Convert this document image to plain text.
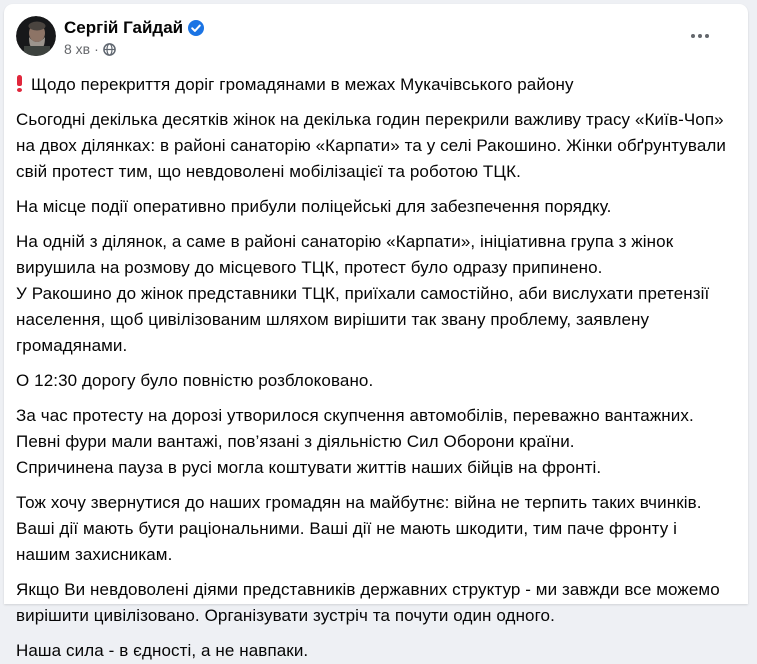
Сергій Гайдай
8 хв ·

Щодо перекриття доріг громадянами в межах Мукачівського району

Сьогодні декілька десятків жінок на декілька годин перекрили важливу трасу «Київ-Чоп» на двох ділянках: в районі санаторію «Карпати» та у селі Ракошино. Жінки обґрунтували свій протест тим, що невдоволені мобілізацієї та роботою ТЦК.

На місце події оперативно прибули поліцейські для забезпечення порядку.

На одній з ділянок, а саме в районі санаторію «Карпати», ініціативна група з жінок вирушила на розмову до місцевого ТЦК, протест було одразу припинено.

У Ракошино до жінок представники ТЦК, приїхали самостійно, аби вислухати претензії населення, щоб цивілізованим шляхом вирішити так звану проблему, заявлену громадянами.

О 12:30 дорогу було повністю розблоковано.

За час протесту на дорозі утворилося скупчення автомобілів, переважно вантажних. Певні фури мали вантажі, пов’язані з діяльністю Сил Оборони країни.

Спричинена пауза в русі могла коштувати життів наших бійців на фронті.

Тож хочу звернутися до наших громадян на майбутнє: війна не терпить таких вчинків. Ваші дії мають бути раціональними. Ваші дії не мають шкодити, тим паче фронту і нашим захисникам.

Якщо Ви невдоволені діями представників державних структур - ми завжди все можемо вирішити цивілізовано. Організувати зустріч та почути один одного.

Наша сила - в єдності, а не навпаки.
